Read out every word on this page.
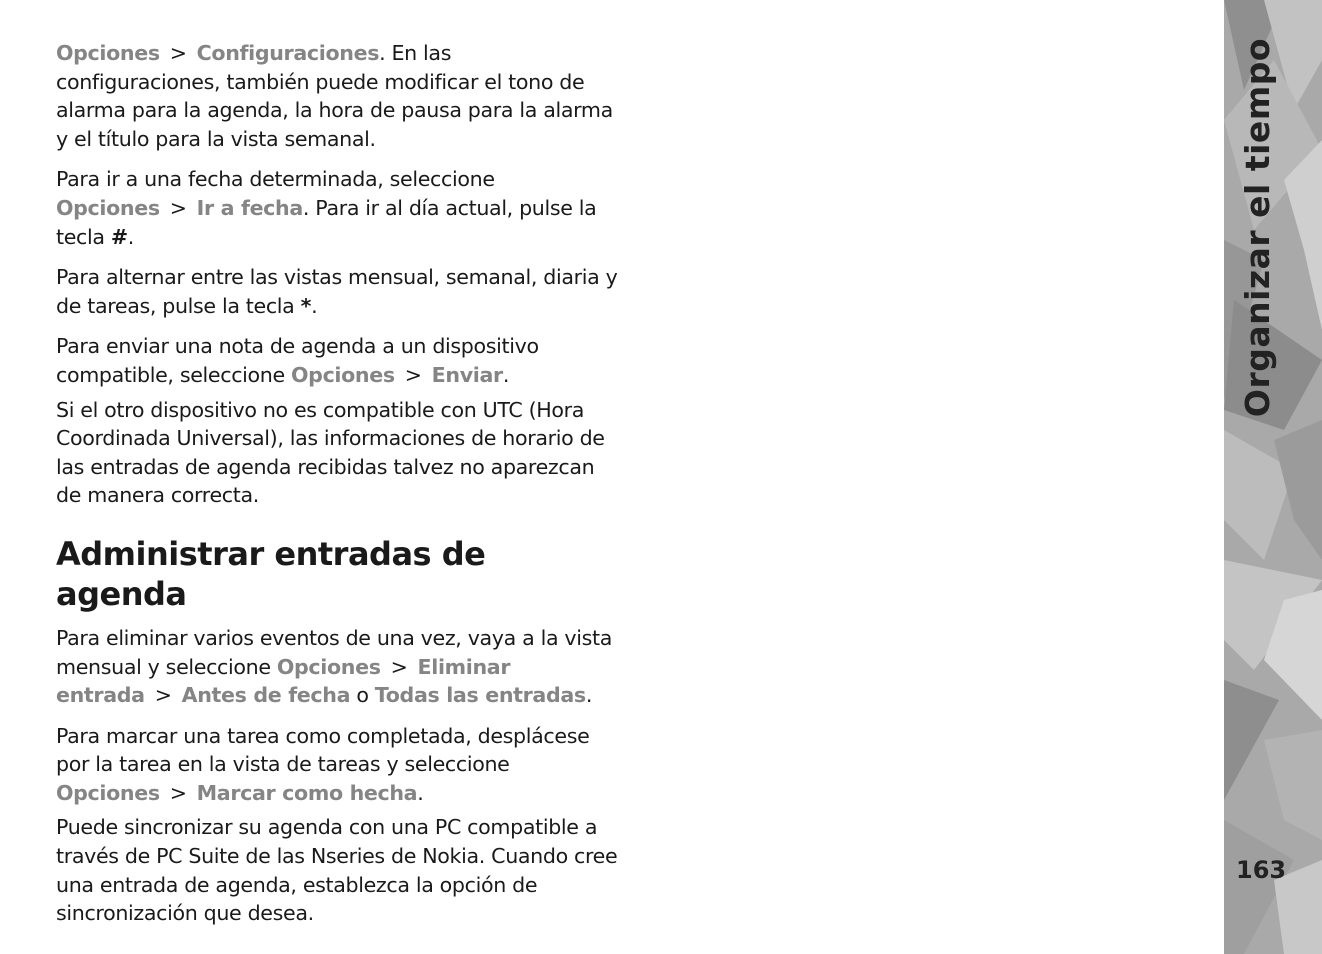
Opciones > Configuraciones. En las configuraciones, también puede modificar el tono de alarma para la agenda, la hora de pausa para la alarma y el título para la vista semanal.

Para ir a una fecha determinada, seleccione Opciones > Ir a fecha. Para ir al día actual, pulse la tecla #.

Para alternar entre las vistas mensual, semanal, diaria y de tareas, pulse la tecla *.

Para enviar una nota de agenda a un dispositivo compatible, seleccione Opciones > Enviar.

Si el otro dispositivo no es compatible con UTC (Hora Coordinada Universal), las informaciones de horario de las entradas de agenda recibidas talvez no aparezcan de manera correcta.

Administrar entradas de agenda

Para eliminar varios eventos de una vez, vaya a la vista mensual y seleccione Opciones > Eliminar entrada > Antes de fecha o Todas las entradas.

Para marcar una tarea como completada, desplácese por la tarea en la vista de tareas y seleccione Opciones > Marcar como hecha.

Puede sincronizar su agenda con una PC compatible a través de PC Suite de las Nseries de Nokia. Cuando cree una entrada de agenda, establezca la opción de sincronización que desea.

Organizar el tiempo
163
